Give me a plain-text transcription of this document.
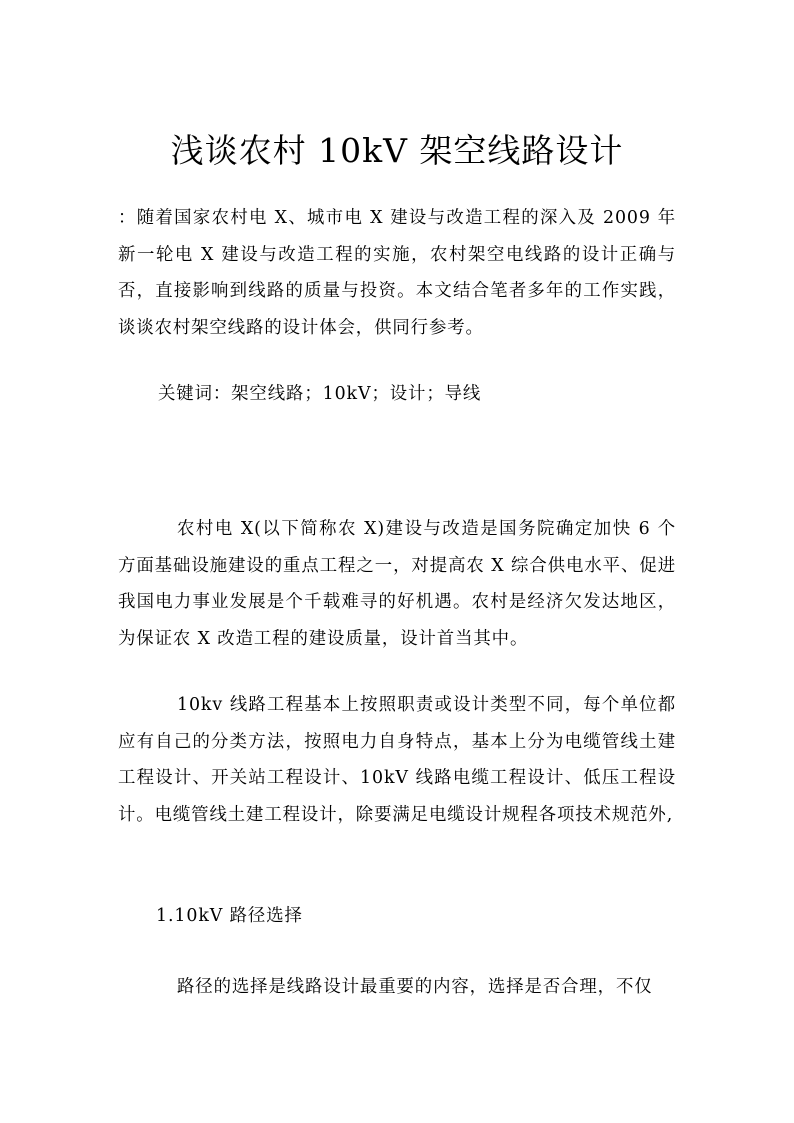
浅谈农村 10kV 架空线路设计

：随着国家农村电 X、城市电 X 建设与改造工程的深入及 2009 年新一轮电 X 建设与改造工程的实施，农村架空电线路的设计正确与否，直接影响到线路的质量与投资。本文结合笔者多年的工作实践，谈谈农村架空线路的设计体会，供同行参考。

关键词：架空线路；10kV；设计；导线

农村电 X(以下简称农 X)建设与改造是国务院确定加快 6 个方面基础设施建设的重点工程之一，对提高农 X 综合供电水平、促进我国电力事业发展是个千载难寻的好机遇。农村是经济欠发达地区，为保证农 X 改造工程的建设质量，设计首当其中。

10kv 线路工程基本上按照职责或设计类型不同，每个单位都应有自己的分类方法，按照电力自身特点，基本上分为电缆管线土建工程设计、开关站工程设计、10kV 线路电缆工程设计、低压工程设计。电缆管线土建工程设计，除要满足电缆设计规程各项技术规范外,

1.10kV 路径选择

路径的选择是线路设计最重要的内容，选择是否合理，不仅
